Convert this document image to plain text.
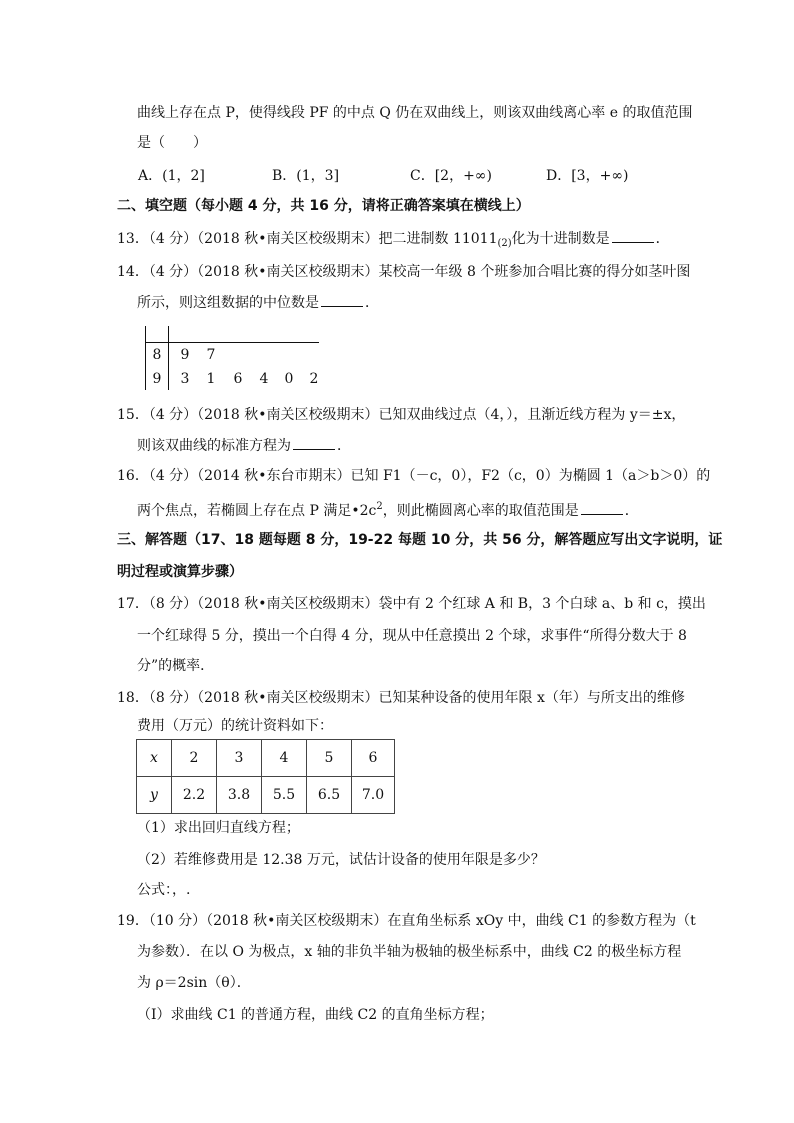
曲线上存在点 P，使得线段 PF 的中点 Q 仍在双曲线上，则该双曲线离心率 e 的取值范围
是（　　）
A．(1，2]	B．(1，3]	C．[2，+∞)	D．[3，+∞)
二、填空题（每小题 4 分，共 16 分，请将正确答案填在横线上）
13．（4 分）（2018 秋•南关区校级期末）把二进制数 $11011_{(2)}$化为十进制数是	．
14．（4 分）（2018 秋•南关区校级期末）某校高一年级 8 个班参加合唱比赛的得分如茎叶图
所示，则这组数据的中位数是	．
8	9	7
9	3	1	6	4	0	2
15．（4 分）（2018 秋•南关区校级期末）已知双曲线过点（4，），且渐近线方程为 y＝±x，
则该双曲线的标准方程为	．
16．（4 分）（2014 秋•东台市期末）已知 F1（－c，0），F2（c，0）为椭圆 1（a＞b＞0）的
两个焦点，若椭圆上存在点 P 满足$•2c^2$，则此椭圆离心率的取值范围是	．
三、解答题（17、18 题每题 8 分，19-22 每题 10 分，共 56 分，解答题应写出文字说明，证
明过程或演算步骤）
17．（8 分）（2018 秋•南关区校级期末）袋中有 2 个红球 A 和 B，3 个白球 a、b 和 c，摸出
一个红球得 5 分，摸出一个白得 4 分，现从中任意摸出 2 个球，求事件“所得分数大于 8
分”的概率．
18．（8 分）（2018 秋•南关区校级期末）已知某种设备的使用年限 x（年）与所支出的维修
费用（万元）的统计资料如下：
x	2	3	4	5	6
y	2.2	3.8	5.5	6.5	7.0
（1）求出回归直线方程；
（2）若维修费用是 12.38 万元，试估计设备的使用年限是多少？
公式：，.
19．（10 分）（2018 秋•南关区校级期末）在直角坐标系 xOy 中，曲线 C1 的参数方程为（t
为参数）．在以 O 为极点，x 轴的非负半轴为极轴的极坐标系中，曲线 C2 的极坐标方程
为 ρ＝2sin（θ）．
（I）求曲线 C1 的普通方程，曲线 C2 的直角坐标方程；
